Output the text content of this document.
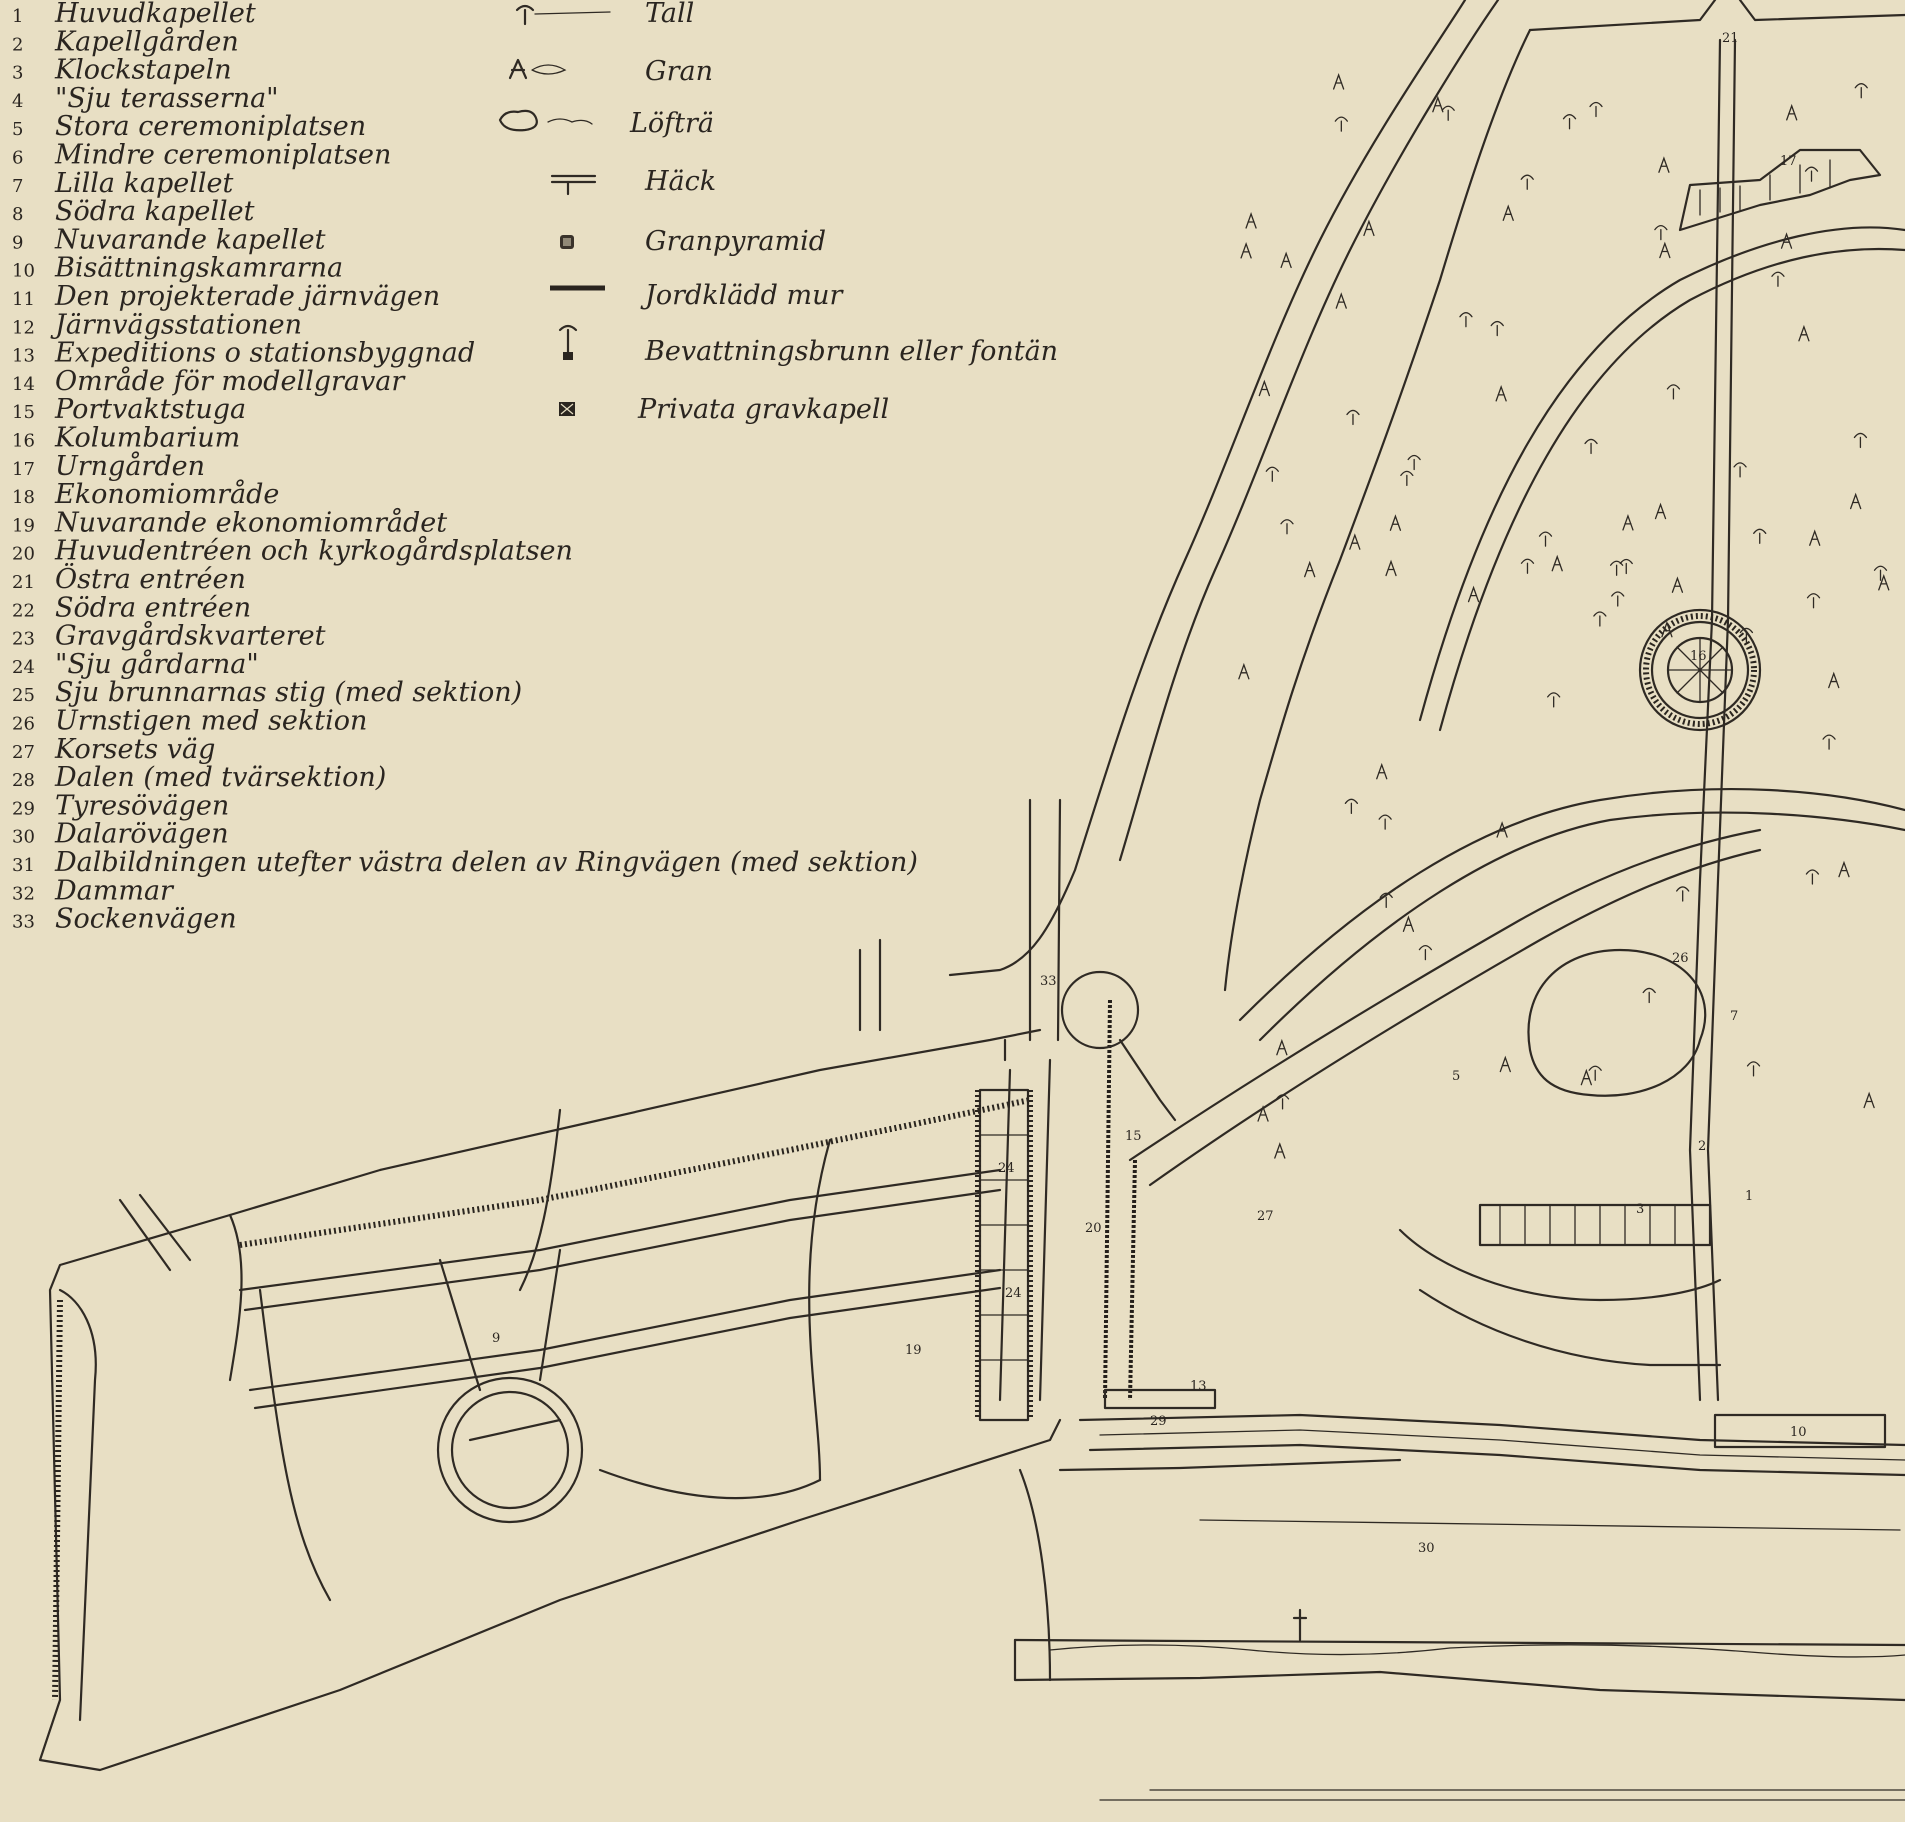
1 Huvudkapellet
2 Kapellgården
3 Klockstapeln
4 "Sju terasserna"
5 Stora ceremoniplatsen
6 Mindre ceremoniplatsen
7 Lilla kapellet
8 Södra kapellet
9 Nuvarande kapellet
10 Bisättningskamrarna
11 Den projekterade järnvägen
12 Järnvägsstationen
13 Expeditions o stationsbyggnad
14 Område för modellgravar
15 Portvaktstuga
16 Kolumbarium
17 Urngården
18 Ekonomiområde
19 Nuvarande ekonomiområdet
20 Huvudentréen och kyrkogårdsplatsen
21 Östra entréen
22 Södra entréen
23 Gravgårdskvarteret
24 "Sju gårdarna"
25 Sju brunnarnas stig (med sektion)
26 Urnstigen med sektion
27 Korsets väg
28 Dalen (med tvärsektion)
29 Tyresövägen
30 Dalarövägen
31 Dalbildningen utefter västra delen av Ringvägen (med sektion)
32 Dammar
33 Sockenvägen
Tall
Gran
Löfträ
Häck
Granpyramid
Jordklädd mur
Bevattningsbrunn eller fontän
Privata gravkapell
1
2
3
5
7
9
10
13
15
16
17
19
20
21
24
24
26
27
29
30
33
